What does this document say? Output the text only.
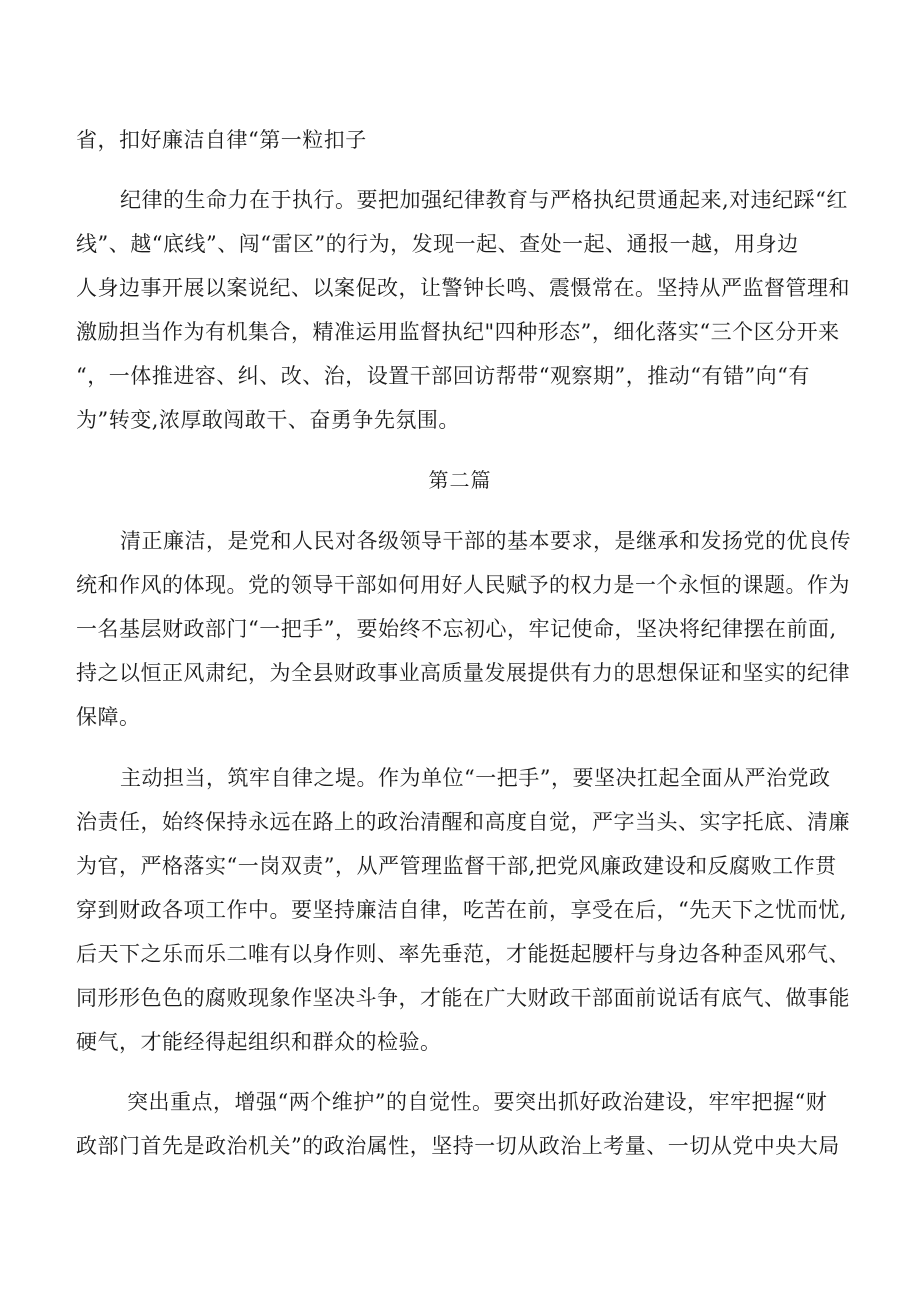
省，扣好廉洁自律“第一粒扣子
纪律的生命力在于执行。要把加强纪律教育与严格执纪贯通起来,对违纪踩“红
线”、越“底线”、闯“雷区”的行为，发现一起、查处一起、通报一越，用身边
人身边事开展以案说纪、以案促改，让警钟长鸣、震慑常在。坚持从严监督管理和
激励担当作为有机集合，精准运用监督执纪"四种形态”，细化落实“三个区分开来
“，一体推进容、纠、改、治，设置干部回访帮带“观察期”，推动“有错”向“有
为”转变,浓厚敢闯敢干、奋勇争先氛围。
第二篇
清正廉洁，是党和人民对各级领导干部的基本要求，是继承和发扬党的优良传
统和作风的体现。党的领导干部如何用好人民赋予的权力是一个永恒的课题。作为
一名基层财政部门“一把手”，要始终不忘初心，牢记使命，坚决将纪律摆在前面,
持之以恒正风肃纪，为全县财政事业高质量发展提供有力的思想保证和坚实的纪律
保障。
主动担当，筑牢自律之堤。作为单位“一把手”，要坚决扛起全面从严治党政
治责任，始终保持永远在路上的政治清醒和高度自觉，严字当头、实字托底、清廉
为官，严格落实“一岗双责”，从严管理监督干部,把党风廉政建设和反腐败工作贯
穿到财政各项工作中。要坚持廉洁自律，吃苦在前，享受在后，“先天下之忧而忧,
后天下之乐而乐二唯有以身作则、率先垂范，才能挺起腰杆与身边各种歪风邪气、
同形形色色的腐败现象作坚决斗争，才能在广大财政干部面前说话有底气、做事能
硬气，才能经得起组织和群众的检验。
突出重点，增强“两个维护”的自觉性。要突出抓好政治建设，牢牢把握“财
政部门首先是政治机关”的政治属性，坚持一切从政治上考量、一切从党中央大局
